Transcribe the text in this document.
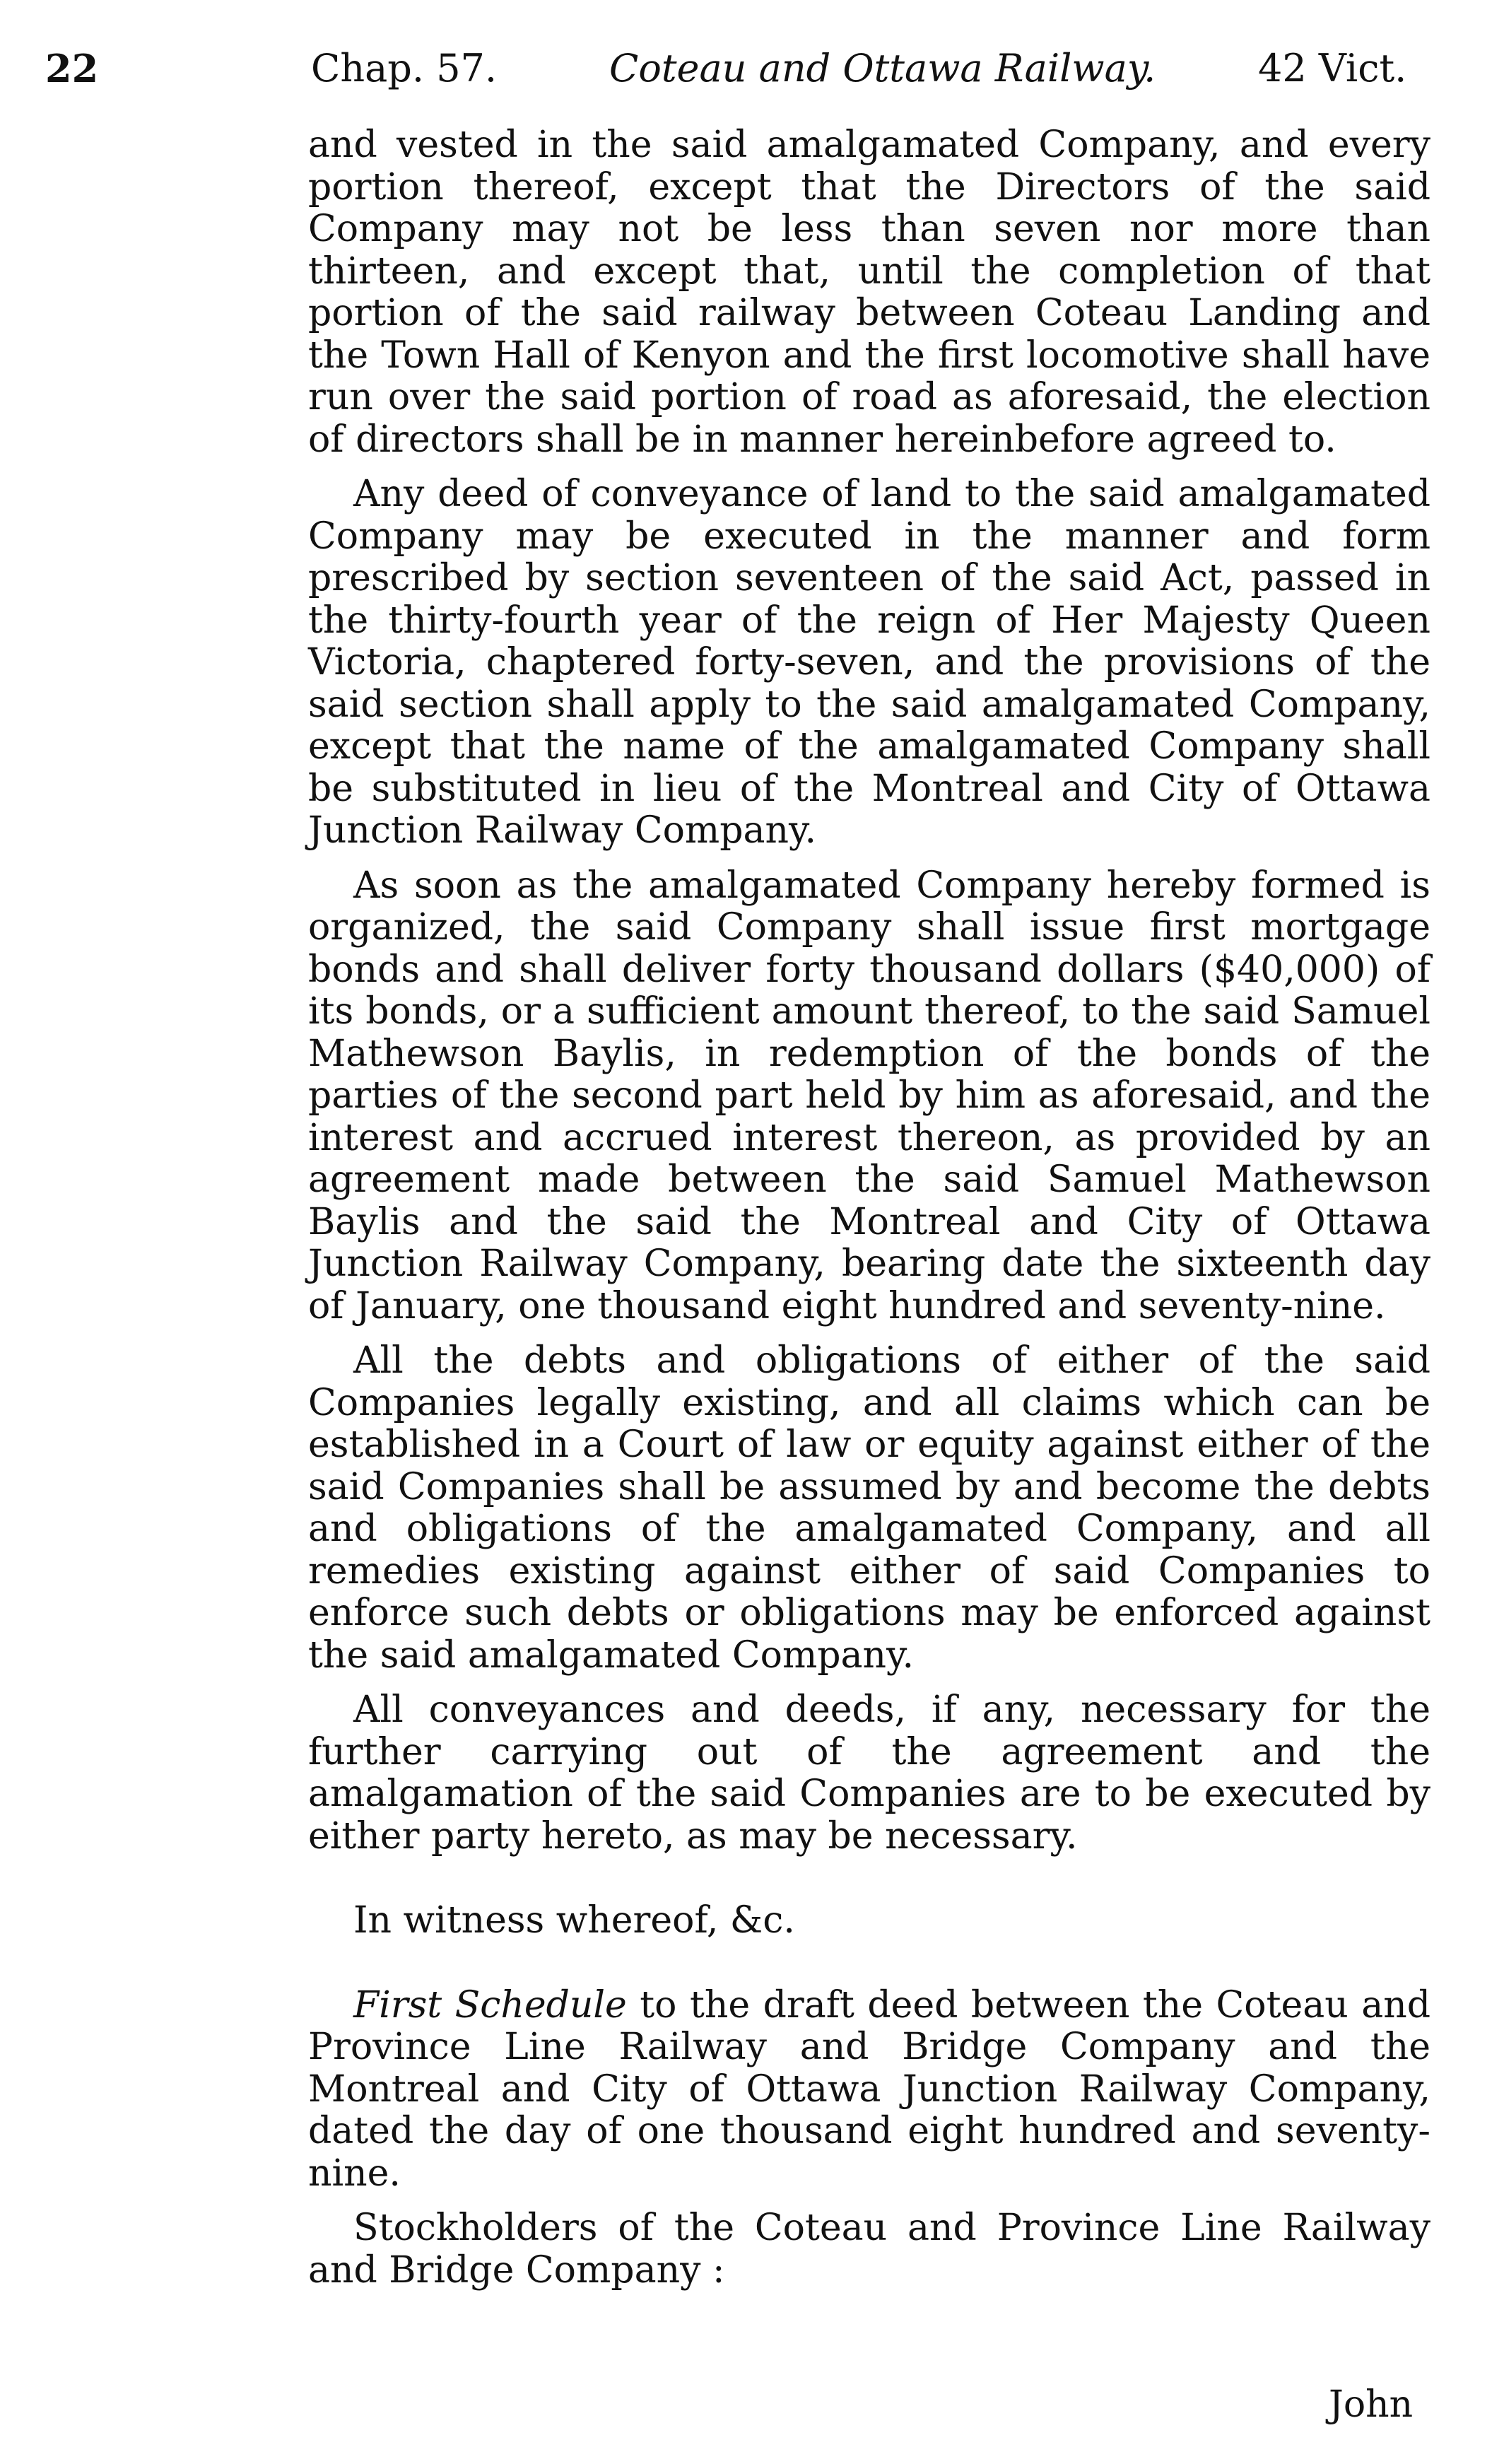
22	Chap. 57.	Coteau and Ottawa Railway.	42 Vict.

and vested in the said amalgamated Company, and every portion thereof, except that the Directors of the said Company may not be less than seven nor more than thirteen, and except that, until the completion of that portion of the said railway between Coteau Landing and the Town Hall of Kenyon and the first locomotive shall have run over the said portion of road as aforesaid, the election of directors shall be in manner hereinbefore agreed to.

Any deed of conveyance of land to the said amalgamated Company may be executed in the manner and form prescribed by section seventeen of the said Act, passed in the thirty-fourth year of the reign of Her Majesty Queen Victoria, chaptered forty-seven, and the provisions of the said section shall apply to the said amalgamated Company, except that the name of the amalgamated Company shall be substituted in lieu of the Montreal and City of Ottawa Junction Railway Company.

As soon as the amalgamated Company hereby formed is organized, the said Company shall issue first mortgage bonds and shall deliver forty thousand dollars ($40,000) of its bonds, or a sufficient amount thereof, to the said Samuel Mathewson Baylis, in redemption of the bonds of the parties of the second part held by him as aforesaid, and the interest and accrued interest thereon, as provided by an agreement made between the said Samuel Mathewson Baylis and the said the Montreal and City of Ottawa Junction Railway Company, bearing date the sixteenth day of January, one thousand eight hundred and seventy-nine.

All the debts and obligations of either of the said Companies legally existing, and all claims which can be established in a Court of law or equity against either of the said Companies shall be assumed by and become the debts and obligations of the amalgamated Company, and all remedies existing against either of said Companies to enforce such debts or obligations may be enforced against the said amalgamated Company.

All conveyances and deeds, if any, necessary for the further carrying out of the agreement and the amalgamation of the said Companies are to be executed by either party hereto, as may be necessary.

In witness whereof, &c.

First Schedule to the draft deed between the Coteau and Province Line Railway and Bridge Company and the Montreal and City of Ottawa Junction Railway Company, dated the day of one thousand eight hundred and seventy-nine.

Stockholders of the Coteau and Province Line Railway and Bridge Company :

John
